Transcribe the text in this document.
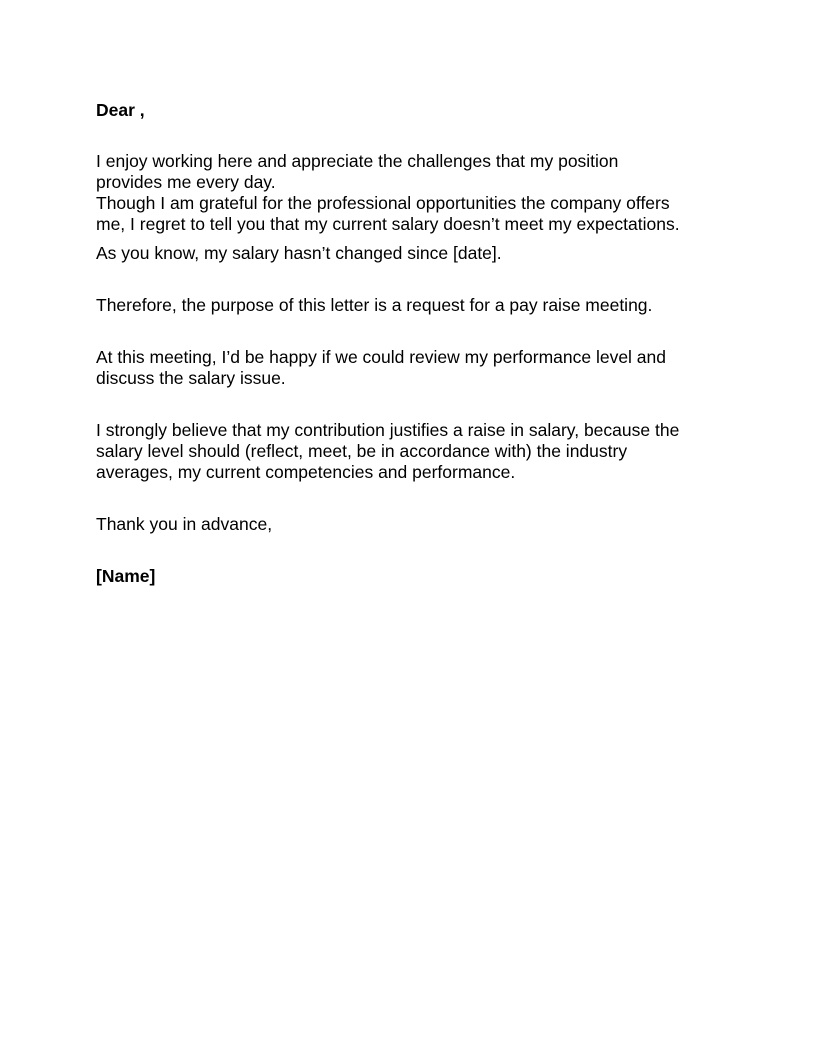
Dear ,

I enjoy working here and appreciate the challenges that my position
provides me every day.

Though I am grateful for the professional opportunities the company offers
me, I regret to tell you that my current salary doesn’t meet my expectations.

As you know, my salary hasn’t changed since [date].

Therefore, the purpose of this letter is a request for a pay raise meeting.

At this meeting, I’d be happy if we could review my performance level and
discuss the salary issue.

I strongly believe that my contribution justifies a raise in salary, because the
salary level should (reflect, meet, be in accordance with) the industry
averages, my current competencies and performance.

Thank you in advance,

[Name]
